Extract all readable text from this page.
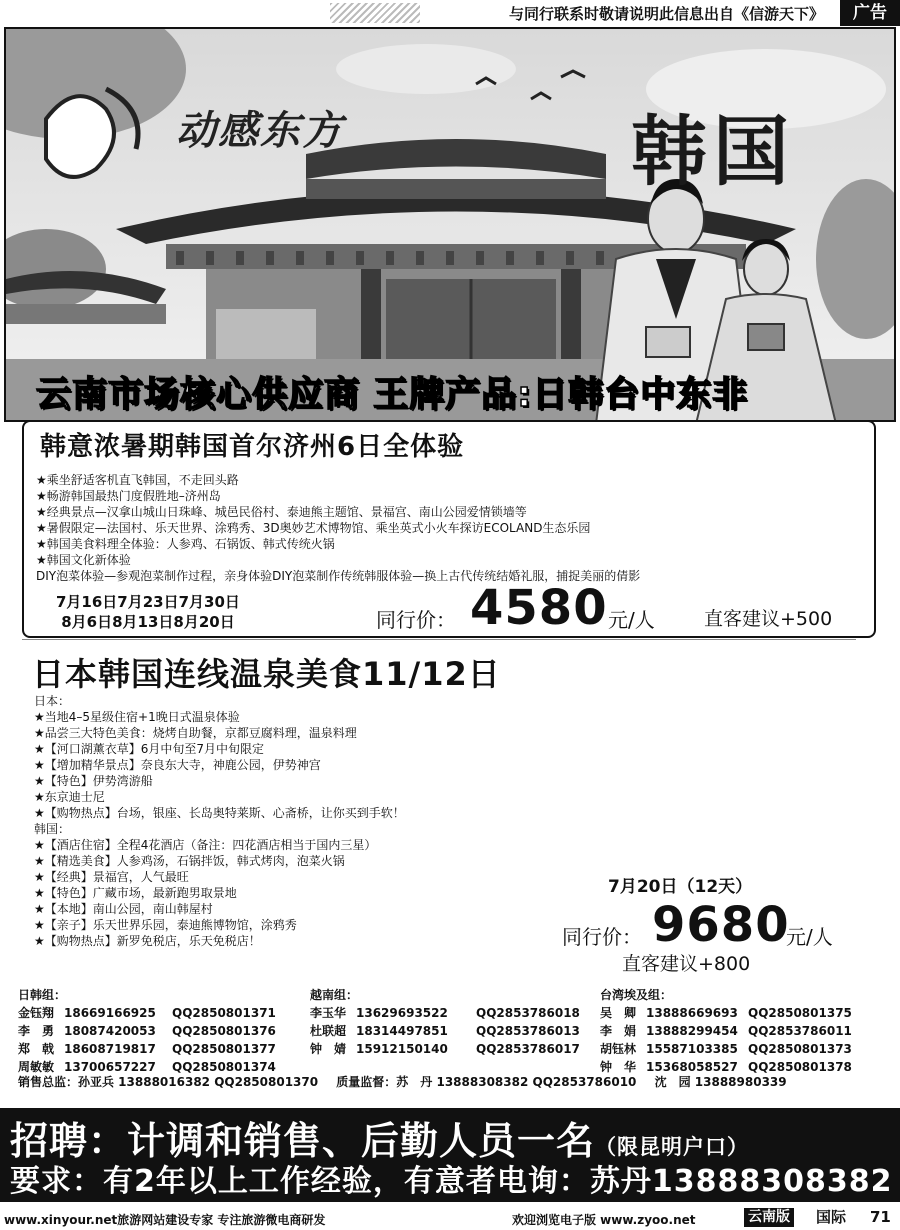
与同行联系时敬请说明此信息出自《信游天下》	广告
动感东方	韩国
云南市场核心供应商 王牌产品:日韩台中东非
韩意浓暑期韩国首尔济州6日全体验
★乘坐舒适客机直飞韩国，不走回头路
★畅游韩国最热门度假胜地–济州岛
★经典景点—汉拿山城山日珠峰、城邑民俗村、泰迪熊主题馆、景福宫、南山公园爱情锁墙等
★暑假限定—法国村、乐天世界、涂鸦秀、3D奥妙艺术博物馆、乘坐英式小火车探访ECOLAND生态乐园
★韩国美食料理全体验：人参鸡、石锅饭、韩式传统火锅
★韩国文化新体验
DIY泡菜体验—参观泡菜制作过程，亲身体验DIY泡菜制作传统韩服体验—换上古代传统结婚礼服，捕捉美丽的倩影
7月16日7月23日7月30日
8月6日8月13日8月20日	同行价： 4580 元/人	直客建议+500
日本韩国连线温泉美食11/12日
日本：
★当地4–5星级住宿+1晚日式温泉体验
★品尝三大特色美食：烧烤自助餐，京都豆腐料理，温泉料理
★【河口湖薰衣草】6月中旬至7月中旬限定
★【增加精华景点】奈良东大寺，神鹿公园，伊势神宫
★【特色】伊势湾游船
★东京迪士尼
★【购物热点】台场，银座、长岛奥特莱斯、心斋桥，让你买到手软！
韩国：
★【酒店住宿】全程4花酒店（备注：四花酒店相当于国内三星）
★【精选美食】人参鸡汤，石锅拌饭，韩式烤肉，泡菜火锅
★【经典】景福宫，人气最旺
★【特色】广藏市场，最新跑男取景地
★【本地】南山公园，南山韩屋村
★【亲子】乐天世界乐园，泰迪熊博物馆，涂鸦秀
★【购物热点】新罗免税店，乐天免税店！
7月20日（12天）
同行价： 9680
元/人
直客建议+800
日韩组：
金钰翔 18669166925 QQ2850801371
李　勇 18087420053 QQ2850801376
郑　戟 18608719817 QQ2850801377
周敏敏 13700657227 QQ2850801374
越南组：
李玉华 13629693522 QQ2853786018
杜联超 18314497851 QQ2853786013
钟　婧 15912150140 QQ2853786017
台湾埃及组：
吴　卿 13888669693 QQ2850801375
李　娟 13888299454 QQ2853786011
胡钰林 15587103385 QQ2850801373
钟　华 15368058527 QQ2850801378
销售总监：孙亚兵 13888016382 QQ2850801370 质量监督：苏　丹 13888308382 QQ2853786010 沈　园 13888980339
招聘：计调和销售、后勤人员一名（限昆明户口）
要求：有2年以上工作经验，有意者电询：苏丹13888308382
www.xinyour.net旅游网站建设专家 专注旅游微电商研发	欢迎浏览电子版 www.zyoo.net	云南版 国际 71
